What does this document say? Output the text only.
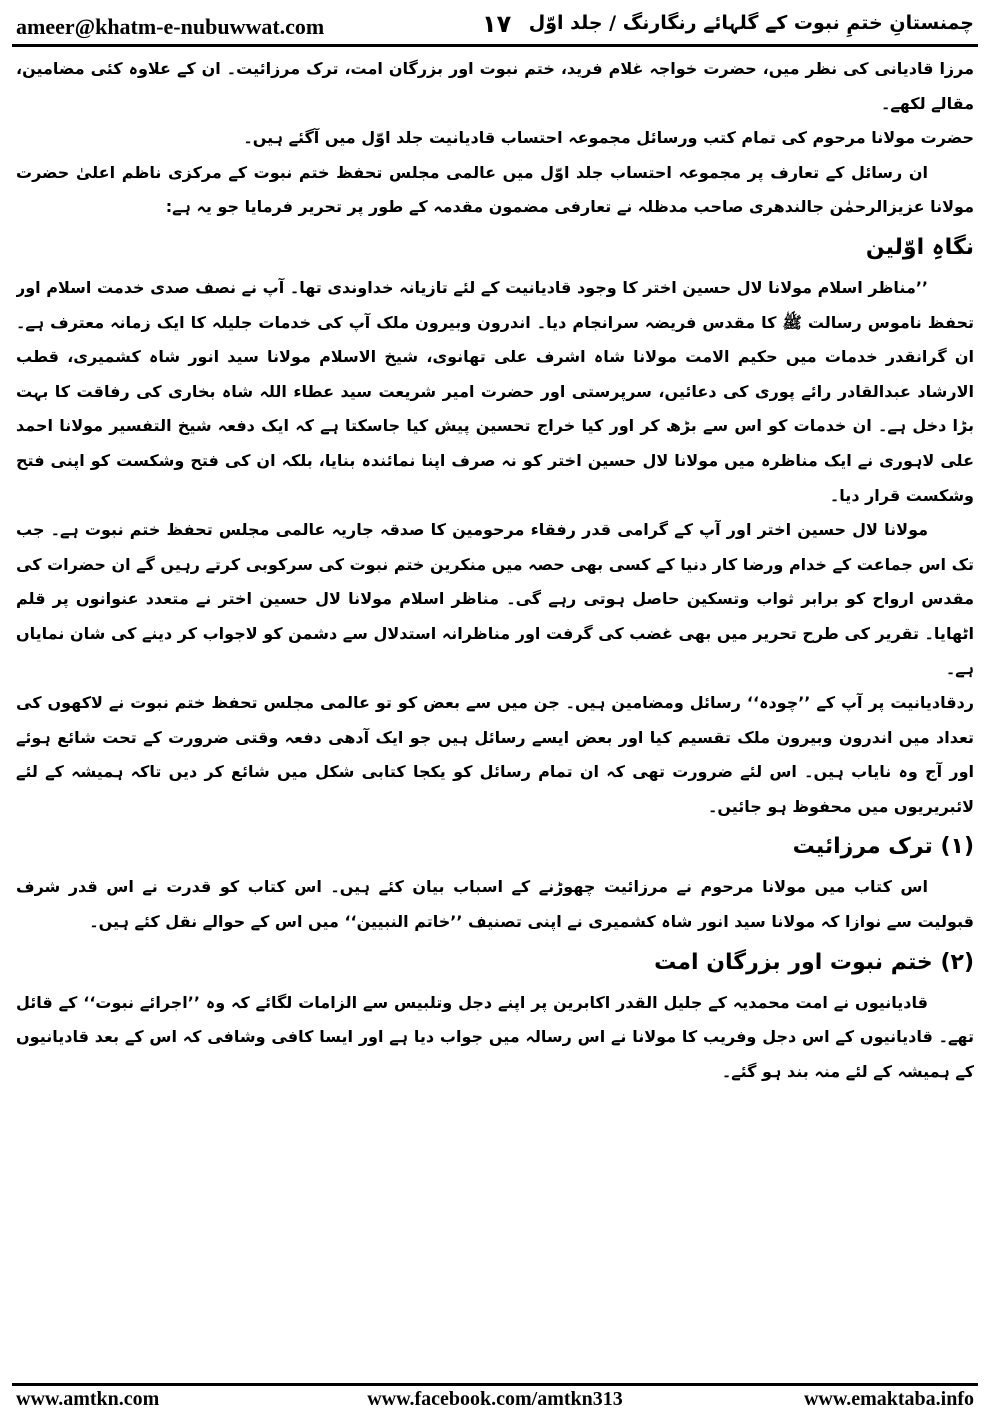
ameer@khatm-e-nubuwwat.com	۱۷ چمنستانِ ختمِ نبوت کے گلہائے رنگارنگ / جلد اوّل

مرزا قادیانی کی نظر میں، حضرت خواجہ غلام فرید، ختم نبوت اور بزرگان امت، ترک مرزائیت۔ ان کے علاوہ کئی مضامین، مقالے لکھے۔

حضرت مولانا مرحوم کی تمام کتب ورسائل مجموعہ احتساب قادیانیت جلد اوّل میں آگئے ہیں۔

ان رسائل کے تعارف پر مجموعہ احتساب جلد اوّل میں عالمی مجلس تحفظ ختم نبوت کے مرکزی ناظم اعلیٰ حضرت مولانا عزیزالرحمٰن جالندھری صاحب مدظلہ نے تعارفی مضمون مقدمہ کے طور پر تحریر فرمایا جو یہ ہے:

نگاہِ اوّلین

’’مناظر اسلام مولانا لال حسین اختر کا وجود قادیانیت کے لئے تازیانہ خداوندی تھا۔ آپ نے نصف صدی خدمت اسلام اور تحفظ ناموس رسالت ﷺ کا مقدس فریضہ سرانجام دیا۔ اندرون وبیرون ملک آپ کی خدمات جلیلہ کا ایک زمانہ معترف ہے۔ ان گرانقدر خدمات میں حکیم الامت مولانا شاہ اشرف علی تھانوی، شیخ الاسلام مولانا سید انور شاہ کشمیری، قطب الارشاد عبدالقادر رائے پوری کی دعائیں، سرپرستی اور حضرت امیر شریعت سید عطاء اللہ شاہ بخاری کی رفاقت کا بہت بڑا دخل ہے۔ ان خدمات کو اس سے بڑھ کر اور کیا خراج تحسین پیش کیا جاسکتا ہے کہ ایک دفعہ شیخ التفسیر مولانا احمد علی لاہوری نے ایک مناظرہ میں مولانا لال حسین اختر کو نہ صرف اپنا نمائندہ بنایا، بلکہ ان کی فتح وشکست کو اپنی فتح وشکست قرار دیا۔

مولانا لال حسین اختر اور آپ کے گرامی قدر رفقاء مرحومین کا صدقہ جاریہ عالمی مجلس تحفظ ختم نبوت ہے۔ جب تک اس جماعت کے خدام ورضا کار دنیا کے کسی بھی حصہ میں منکرین ختم نبوت کی سرکوبی کرتے رہیں گے ان حضرات کی مقدس ارواح کو برابر ثواب وتسکین حاصل ہوتی رہے گی۔ مناظر اسلام مولانا لال حسین اختر نے متعدد عنوانوں پر قلم اٹھایا۔ تقریر کی طرح تحریر میں بھی غضب کی گرفت اور مناظرانہ استدلال سے دشمن کو لاجواب کر دینے کی شان نمایاں ہے۔

ردقادیانیت پر آپ کے ’’چودہ‘‘ رسائل ومضامین ہیں۔ جن میں سے بعض کو تو عالمی مجلس تحفظ ختم نبوت نے لاکھوں کی تعداد میں اندرون وبیرون ملک تقسیم کیا اور بعض ایسے رسائل ہیں جو ایک آدھی دفعہ وقتی ضرورت کے تحت شائع ہوئے اور آج وہ نایاب ہیں۔ اس لئے ضرورت تھی کہ ان تمام رسائل کو یکجا کتابی شکل میں شائع کر دیں تاکہ ہمیشہ کے لئے لائبریریوں میں محفوظ ہو جائیں۔

(۱) ترک مرزائیت

اس کتاب میں مولانا مرحوم نے مرزائیت چھوڑنے کے اسباب بیان کئے ہیں۔ اس کتاب کو قدرت نے اس قدر شرف قبولیت سے نوازا کہ مولانا سید انور شاہ کشمیری نے اپنی تصنیف ’’خاتم النبیین‘‘ میں اس کے حوالے نقل کئے ہیں۔

(۲) ختم نبوت اور بزرگان امت

قادیانیوں نے امت محمدیہ کے جلیل القدر اکابرین پر اپنے دجل وتلبیس سے الزامات لگائے کہ وہ ’’اجرائے نبوت‘‘ کے قائل تھے۔ قادیانیوں کے اس دجل وفریب کا مولانا نے اس رسالہ میں جواب دیا ہے اور ایسا کافی وشافی کہ اس کے بعد قادیانیوں کے ہمیشہ کے لئے منہ بند ہو گئے۔

www.amtkn.com	www.facebook.com/amtkn313	www.emaktaba.info
